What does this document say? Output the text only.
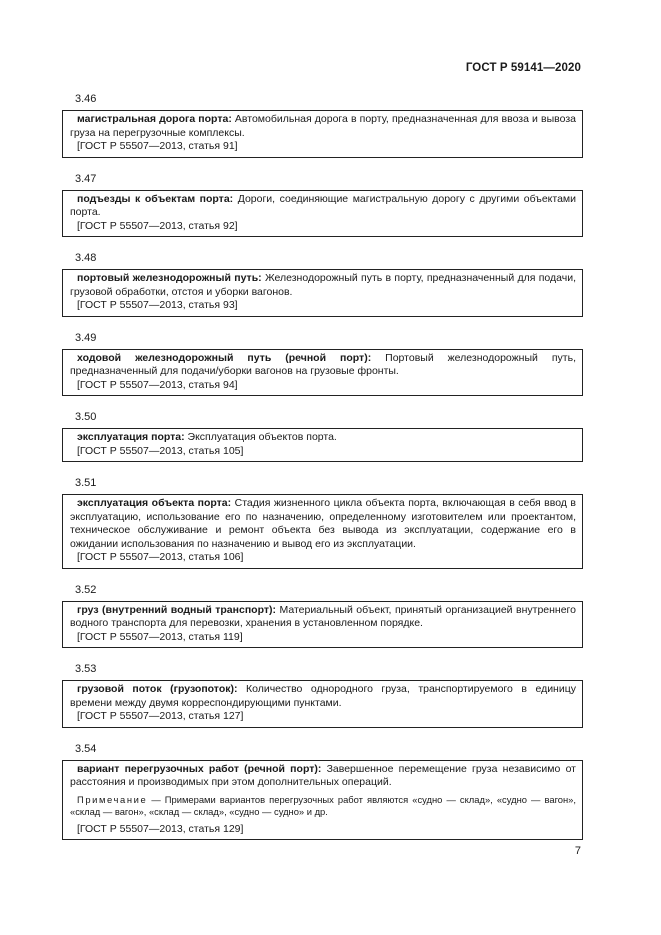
ГОСТ Р 59141—2020
3.46

магистральная дорога порта: Автомобильная дорога в порту, предназначенная для ввоза и вывоза груза на перегрузочные комплексы.

[ГОСТ Р 55507—2013, статья 91]

3.47

подъезды к объектам порта: Дороги, соединяющие магистральную дорогу с другими объектами порта.

[ГОСТ Р 55507—2013, статья 92]

3.48

портовый железнодорожный путь: Железнодорожный путь в порту, предназначенный для подачи, грузовой обработки, отстоя и уборки вагонов.

[ГОСТ Р 55507—2013, статья 93]

3.49

ходовой железнодорожный путь (речной порт): Портовый железнодорожный путь, предназначенный для подачи/уборки вагонов на грузовые фронты.

[ГОСТ Р 55507—2013, статья 94]

3.50

эксплуатация порта: Эксплуатация объектов порта.

[ГОСТ Р 55507—2013, статья 105]

3.51

эксплуатация объекта порта: Стадия жизненного цикла объекта порта, включающая в себя ввод в эксплуатацию, использование его по назначению, определенному изготовителем или проектантом, техническое обслуживание и ремонт объекта без вывода из эксплуатации, содержание его в ожидании использования по назначению и вывод его из эксплуатации.

[ГОСТ Р 55507—2013, статья 106]

3.52

груз (внутренний водный транспорт): Материальный объект, принятый организацией внутреннего водного транспорта для перевозки, хранения в установленном порядке.

[ГОСТ Р 55507—2013, статья 119]

3.53

грузовой поток (грузопоток): Количество однородного груза, транспортируемого в единицу времени между двумя корреспондирующими пунктами.

[ГОСТ Р 55507—2013, статья 127]

3.54

вариант перегрузочных работ (речной порт): Завершенное перемещение груза независимо от расстояния и производимых при этом дополнительных операций.

Примечание — Примерами вариантов перегрузочных работ являются «судно — склад», «судно — вагон», «склад — вагон», «склад — склад», «судно — судно» и др.

[ГОСТ Р 55507—2013, статья 129]

7
